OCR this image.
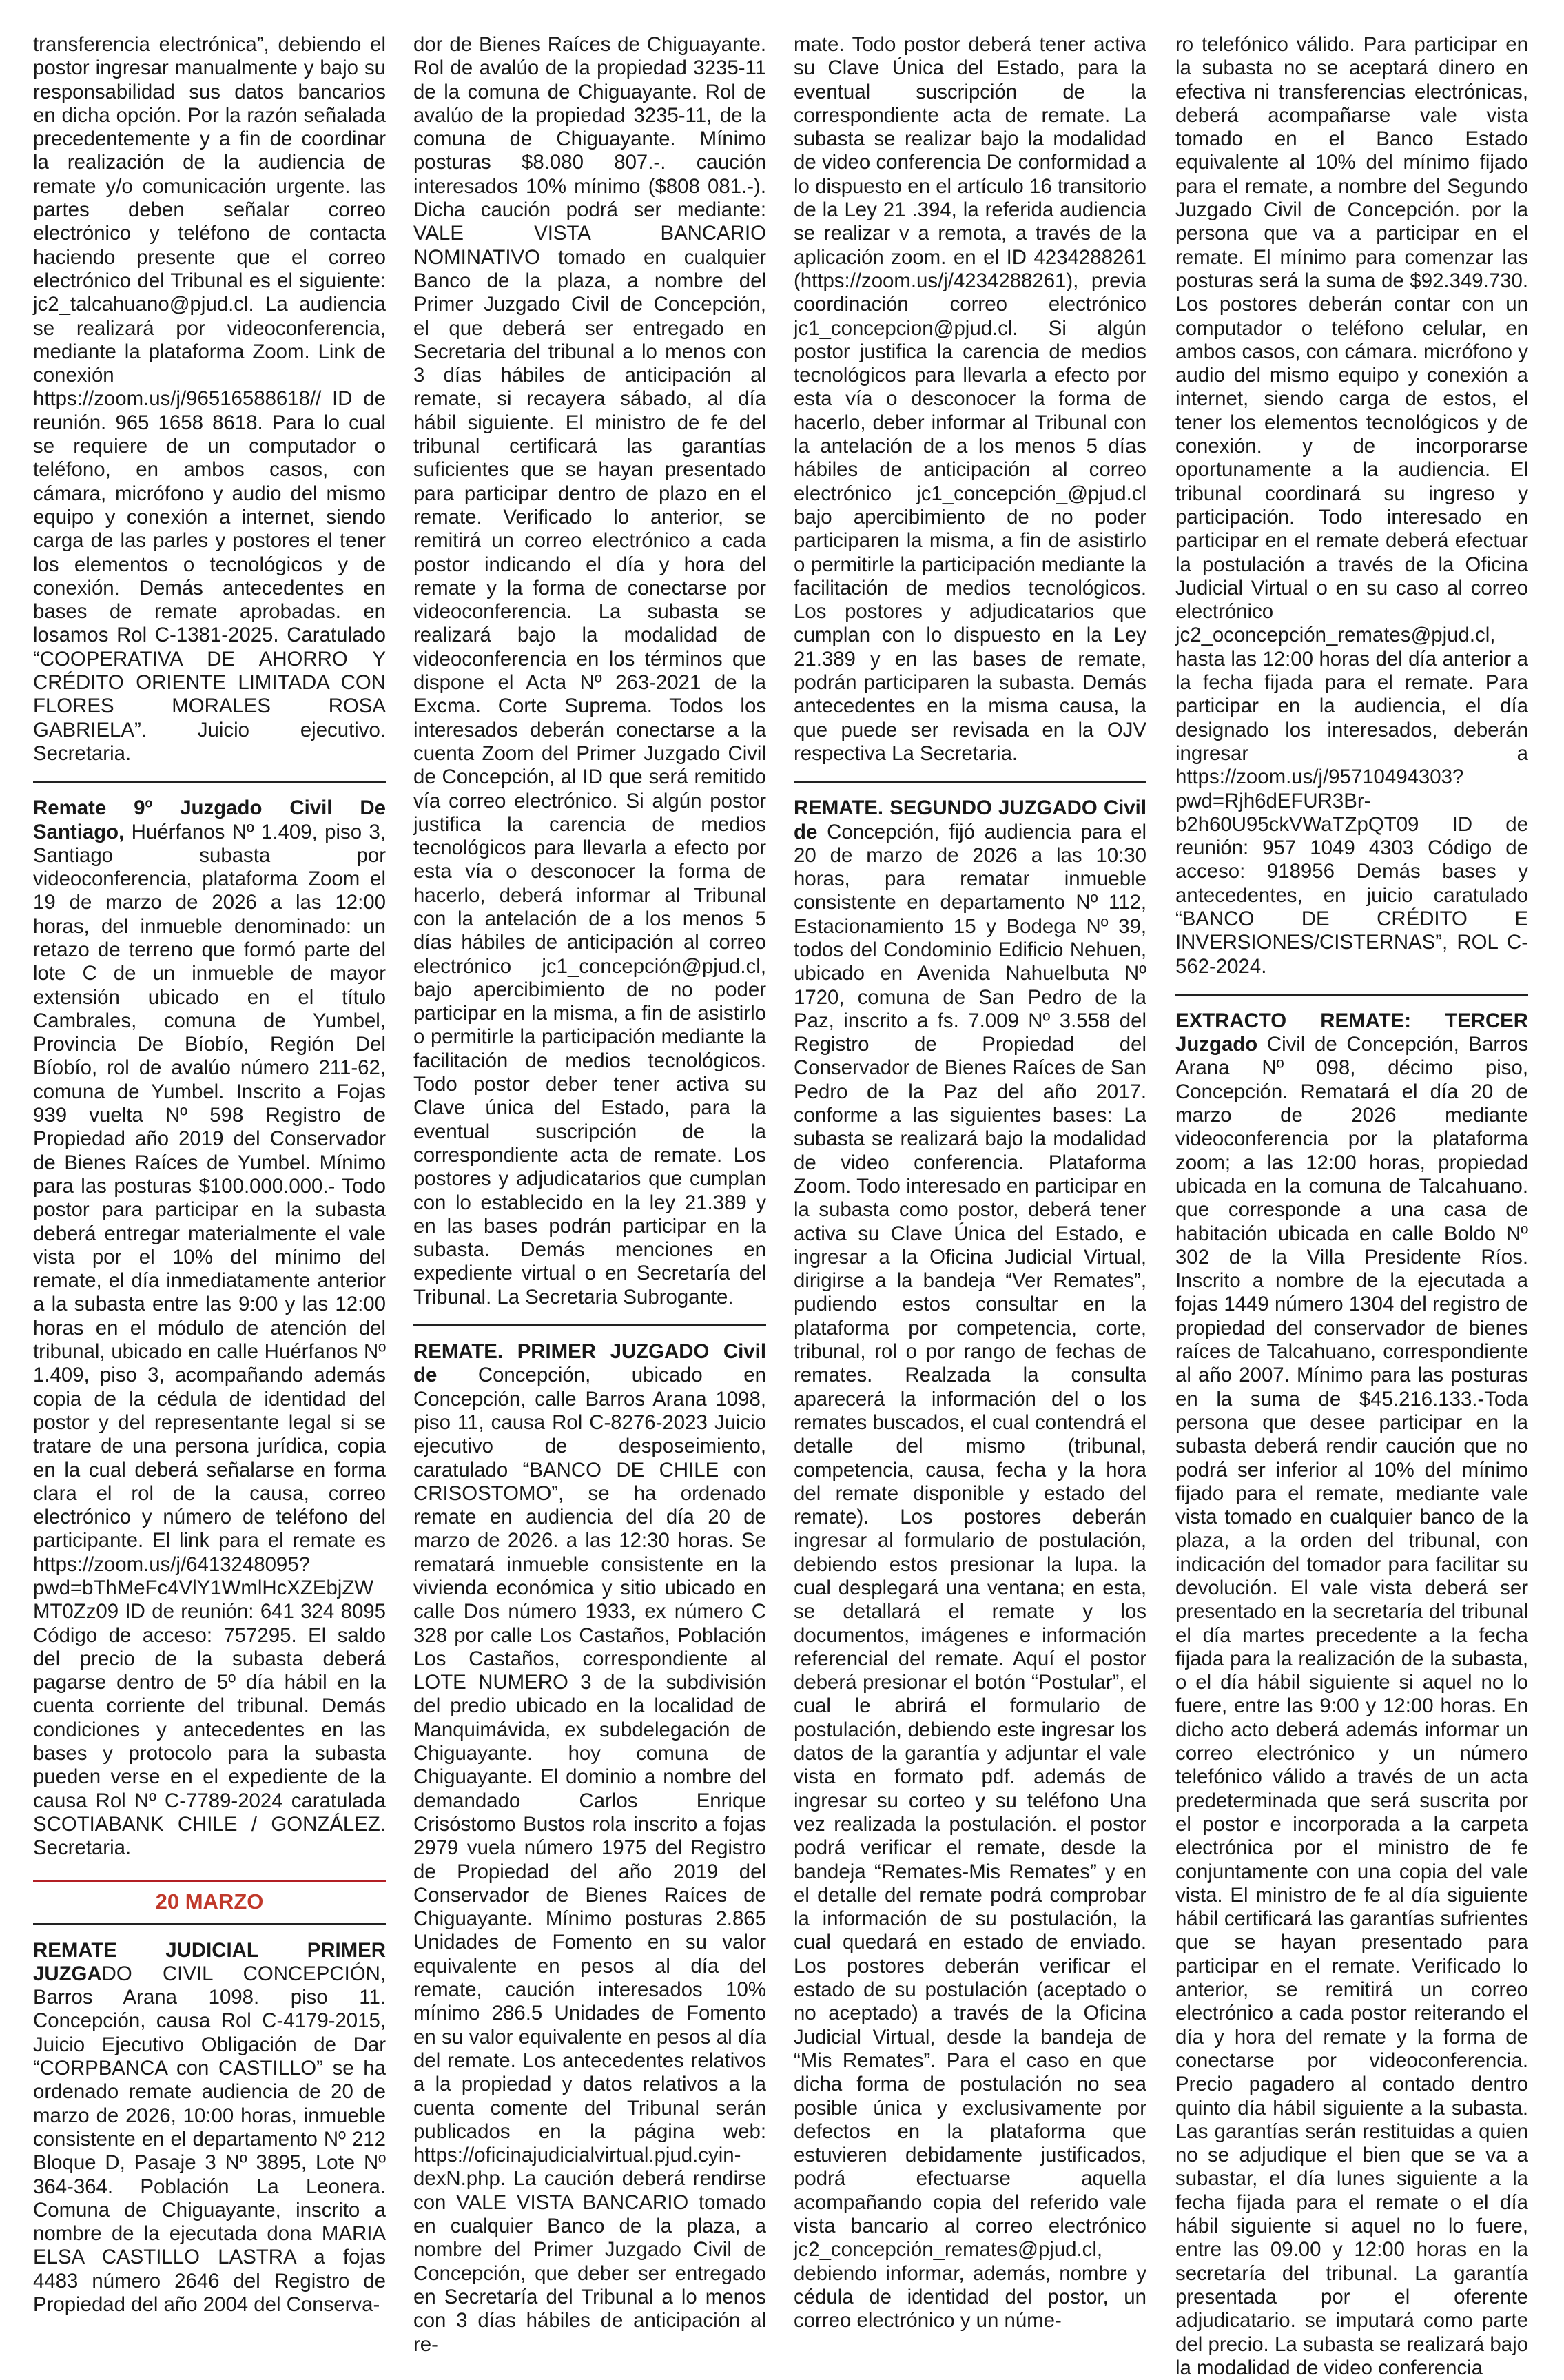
transferencia electrónica”, debiendo el postor ingresar manualmente y bajo su responsabilidad sus datos bancarios en dicha opción. Por la razón señalada precedentemente y a fin de coordinar la realización de la audiencia de remate y/o comunicación urgente. las partes deben señalar correo electrónico y teléfono de contacta haciendo presente que el correo electrónico del Tribunal es el siguiente: jc2_talcahuano@pjud.cl. La audiencia se realizará por videoconferencia, mediante la plataforma Zoom. Link de conexión https://zoom.us/j/96516588618// ID de reunión. 965 1658 8618. Para lo cual se requiere de un computador o teléfono, en ambos casos, con cámara, micrófono y audio del mismo equipo y conexión a internet, siendo carga de las parles y postores el tener los elementos o tecnológicos y de conexión. Demás antecedentes en bases de remate aprobadas. en losamos Rol C-1381-2025. Caratulado “COOPERATIVA DE AHORRO Y CRÉDITO ORIENTE LIMITADA CON FLORES MORALES ROSA GABRIELA”. Juicio ejecutivo. Secretaria.

Remate 9º Juzgado Civil De Santiago, Huérfanos Nº 1.409, piso 3, Santiago subasta por videoconferencia, plataforma Zoom el 19 de marzo de 2026 a las 12:00 horas, del inmueble denominado: un retazo de terreno que formó parte del lote C de un inmueble de mayor extensión ubicado en el título Cambrales, comuna de Yumbel, Provincia De Bíobío, Región Del Bíobío, rol de avalúo número 211-62, comuna de Yumbel. Inscrito a Fojas 939 vuelta Nº 598 Registro de Propiedad año 2019 del Conservador de Bienes Raíces de Yumbel. Mínimo para las posturas $100.000.000.- Todo postor para participar en la subasta deberá entregar materialmente el vale vista por el 10% del mínimo del remate, el día inmediatamente anterior a la subasta entre las 9:00 y las 12:00 horas en el módulo de atención del tribunal, ubicado en calle Huérfanos Nº 1.409, piso 3, acompañando además copia de la cédula de identidad del postor y del representante legal si se tratare de una persona jurídica, copia en la cual deberá señalarse en forma clara el rol de la causa, correo electrónico y número de teléfono del participante. El link para el remate es https://zoom.us/j/6413248095?pwd=bThMeFc4VlY1WmlHcXZEbjZWMT0Zz09 ID de reunión: 641 324 8095 Código de acceso: 757295. El saldo del precio de la subasta deberá pagarse dentro de 5º día hábil en la cuenta corriente del tribunal. Demás condiciones y antecedentes en las bases y protocolo para la subasta pueden verse en el expediente de la causa Rol Nº C-7789-2024 caratulada SCOTIABANK CHILE / GONZÁLEZ. Secretaria.

20 MARZO

REMATE JUDICIAL PRIMER JUZGADO CIVIL CONCEPCIÓN, Barros Arana 1098. piso 11. Concepción, causa Rol C-4179-2015, Juicio Ejecutivo Obligación de Dar “CORPBANCA con CASTILLO” se ha ordenado remate audiencia de 20 de marzo de 2026, 10:00 horas, inmueble consistente en el departamento Nº 212 Bloque D, Pasaje 3 Nº 3895, Lote Nº 364-364. Población La Leonera. Comuna de Chiguayante, inscrito a nombre de la ejecutada dona MARIA ELSA CASTILLO LASTRA a fojas 4483 número 2646 del Registro de Propiedad del año 2004 del Conserva-

dor de Bienes Raíces de Chiguayante. Rol de avalúo de la propiedad 3235-11 de la comuna de Chiguayante. Rol de avalúo de la propiedad 3235-11, de la comuna de Chiguayante. Mínimo posturas $8.080 807.-. caución interesados 10% mínimo ($808 081.-). Dicha caución podrá ser mediante: VALE VISTA BANCARIO NOMINATIVO tomado en cualquier Banco de la plaza, a nombre del Primer Juzgado Civil de Concepción, el que deberá ser entregado en Secretaria del tribunal a lo menos con 3 días hábiles de anticipación al remate, si recayera sábado, al día hábil siguiente. El ministro de fe del tribunal certificará las garantías suficientes que se hayan presentado para participar dentro de plazo en el remate. Verificado lo anterior, se remitirá un correo electrónico a cada postor indicando el día y hora del remate y la forma de conectarse por videoconferencia. La subasta se realizará bajo la modalidad de videoconferencia en los términos que dispone el Acta Nº 263-2021 de la Excma. Corte Suprema. Todos los interesados deberán conectarse a la cuenta Zoom del Primer Juzgado Civil de Concepción, al ID que será remitido vía correo electrónico. Si algún postor justifica la carencia de medios tecnológicos para llevarla a efecto por esta vía o desconocer la forma de hacerlo, deberá informar al Tribunal con la antelación de a los menos 5 días hábiles de anticipación al correo electrónico jc1_concepción@pjud.cl, bajo apercibimiento de no poder participar en la misma, a fin de asistirlo o permitirle la participación mediante la facilitación de medios tecnológicos. Todo postor deber tener activa su Clave única del Estado, para la eventual suscripción de la correspondiente acta de remate. Los postores y adjudicatarios que cumplan con lo establecido en la ley 21.389 y en las bases podrán participar en la subasta. Demás menciones en expediente virtual o en Secretaría del Tribunal. La Secretaria Subrogante.

REMATE. PRIMER JUZGADO Civil de Concepción, ubicado en Concepción, calle Barros Arana 1098, piso 11, causa Rol C-8276-2023 Juicio ejecutivo de desposeimiento, caratulado “BANCO DE CHILE con CRISOSTOMO”, se ha ordenado remate en audiencia del día 20 de marzo de 2026. a las 12:30 horas. Se rematará inmueble consistente en la vivienda económica y sitio ubicado en calle Dos número 1933, ex número C 328 por calle Los Castaños, Población Los Castaños, correspondiente al LOTE NUMERO 3 de la subdivisión del predio ubicado en la localidad de Manquimávida, ex subdelegación de Chiguayante. hoy comuna de Chiguayante. El dominio a nombre del demandado Carlos Enrique Crisóstomo Bustos rola inscrito a fojas 2979 vuela número 1975 del Registro de Propiedad del año 2019 del Conservador de Bienes Raíces de Chiguayante. Mínimo posturas 2.865 Unidades de Fomento en su valor equivalente en pesos al día del remate, caución interesados 10% mínimo 286.5 Unidades de Fomento en su valor equivalente en pesos al día del remate. Los antecedentes relativos a la propiedad y datos relativos a la cuenta comente del Tribunal serán publicados en la página web: https://oficinajudicialvirtual.pjud.cyin-dexN.php. La caución deberá rendirse con VALE VISTA BANCARIO tomado en cualquier Banco de la plaza, a nombre del Primer Juzgado Civil de Concepción, que deber ser entregado en Secretaría del Tribunal a lo menos con 3 días hábiles de anticipación al re-

mate. Todo postor deberá tener activa su Clave Única del Estado, para la eventual suscripción de la correspondiente acta de remate. La subasta se realizar bajo la modalidad de video conferencia De conformidad a lo dispuesto en el artículo 16 transitorio de la Ley 21 .394, la referida audiencia se realizar v a remota, a través de la aplicación zoom. en el ID 4234288261 (https://zoom.us/j/4234288261), previa coordinación correo electrónico jc1_concepcion@pjud.cl. Si algún postor justifica la carencia de medios tecnológicos para llevarla a efecto por esta vía o desconocer la forma de hacerlo, deber informar al Tribunal con la antelación de a los menos 5 días hábiles de anticipación al correo electrónico jc1_concepción_@pjud.cl bajo apercibimiento de no poder participaren la misma, a fin de asistirlo o permitirle la participación mediante la facilitación de medios tecnológicos. Los postores y adjudicatarios que cumplan con lo dispuesto en la Ley 21.389 y en las bases de remate, podrán participaren la subasta. Demás antecedentes en la misma causa, la que puede ser revisada en la OJV respectiva La Secretaria.

REMATE. SEGUNDO JUZGADO Civil de Concepción, fijó audiencia para el 20 de marzo de 2026 a las 10:30 horas, para rematar inmueble consistente en departamento Nº 112, Estacionamiento 15 y Bodega Nº 39, todos del Condominio Edificio Nehuen, ubicado en Avenida Nahuelbuta Nº 1720, comuna de San Pedro de la Paz, inscrito a fs. 7.009 Nº 3.558 del Registro de Propiedad del Conservador de Bienes Raíces de San Pedro de la Paz del año 2017. conforme a las siguientes bases: La subasta se realizará bajo la modalidad de video conferencia. Plataforma Zoom. Todo interesado en participar en la subasta como postor, deberá tener activa su Clave Única del Estado, e ingresar a la Oficina Judicial Virtual, dirigirse a la bandeja “Ver Remates”, pudiendo estos consultar en la plataforma por competencia, corte, tribunal, rol o por rango de fechas de remates. Realzada la consulta aparecerá la información del o los remates buscados, el cual contendrá el detalle del mismo (tribunal, competencia, causa, fecha y la hora del remate disponible y estado del remate). Los postores deberán ingresar al formulario de postulación, debiendo estos presionar la lupa. la cual desplegará una ventana; en esta, se detallará el remate y los documentos, imágenes e información referencial del remate. Aquí el postor deberá presionar el botón “Postular”, el cual le abrirá el formulario de postulación, debiendo este ingresar los datos de la garantía y adjuntar el vale vista en formato pdf. además de ingresar su corteo y su teléfono Una vez realizada la postulación. el postor podrá verificar el remate, desde la bandeja “Remates-Mis Remates” y en el detalle del remate podrá comprobar la información de su postulación, la cual quedará en estado de enviado. Los postores deberán verificar el estado de su postulación (aceptado o no aceptado) a través de la Oficina Judicial Virtual, desde la bandeja de “Mis Remates”. Para el caso en que dicha forma de postulación no sea posible única y exclusivamente por defectos en la plataforma que estuvieren debidamente justificados, podrá efectuarse aquella acompañando copia del referido vale vista bancario al correo electrónico jc2_concepción_remates@pjud.cl, debiendo informar, además, nombre y cédula de identidad del postor, un correo electrónico y un núme-

ro telefónico válido. Para participar en la subasta no se aceptará dinero en efectiva ni transferencias electrónicas, deberá acompañarse vale vista tomado en el Banco Estado equivalente al 10% del mínimo fijado para el remate, a nombre del Segundo Juzgado Civil de Concepción. por la persona que va a participar en el remate. El mínimo para comenzar las posturas será la suma de $92.349.730. Los postores deberán contar con un computador o teléfono celular, en ambos casos, con cámara. micrófono y audio del mismo equipo y conexión a internet, siendo carga de estos, el tener los elementos tecnológicos y de conexión. y de incorporarse oportunamente a la audiencia. El tribunal coordinará su ingreso y participación. Todo interesado en participar en el remate deberá efectuar la postulación a través de la Oficina Judicial Virtual o en su caso al correo electrónico jc2_oconcepción_remates@pjud.cl, hasta las 12:00 horas del día anterior a la fecha fijada para el remate. Para participar en la audiencia, el día designado los interesados, deberán ingresar a https://zoom.us/j/95710494303?pwd=Rjh6dEFUR3Br-b2h60U95ckVWaTZpQT09 ID de reunión: 957 1049 4303 Código de acceso: 918956 Demás bases y antecedentes, en juicio caratulado “BANCO DE CRÉDITO E INVERSIONES/CISTERNAS”, ROL C-562-2024.

EXTRACTO REMATE: TERCER Juzgado Civil de Concepción, Barros Arana Nº 098, décimo piso, Concepción. Rematará el día 20 de marzo de 2026 mediante videoconferencia por la plataforma zoom; a las 12:00 horas, propiedad ubicada en la comuna de Talcahuano. que corresponde a una casa de habitación ubicada en calle Boldo Nº 302 de la Villa Presidente Ríos. Inscrito a nombre de la ejecutada a fojas 1449 número 1304 del registro de propiedad del conservador de bienes raíces de Talcahuano, correspondiente al año 2007. Mínimo para las posturas en la suma de $45.216.133.-Toda persona que desee participar en la subasta deberá rendir caución que no podrá ser inferior al 10% del mínimo fijado para el remate, mediante vale vista tomado en cualquier banco de la plaza, a la orden del tribunal, con indicación del tomador para facilitar su devolución. El vale vista deberá ser presentado en la secretaría del tribunal el día martes precedente a la fecha fijada para la realización de la subasta, o el día hábil siguiente si aquel no lo fuere, entre las 9:00 y 12:00 horas. En dicho acto deberá además informar un correo electrónico y un número telefónico válido a través de un acta predeterminada que será suscrita por el postor e incorporada a la carpeta electrónica por el ministro de fe conjuntamente con una copia del vale vista. El ministro de fe al día siguiente hábil certificará las garantías sufrientes que se hayan presentado para participar en el remate. Verificado lo anterior, se remitirá un correo electrónico a cada postor reiterando el día y hora del remate y la forma de conectarse por videoconferencia. Precio pagadero al contado dentro quinto día hábil siguiente a la subasta. Las garantías serán restituidas a quien no se adjudique el bien que se va a subastar, el día lunes siguiente a la fecha fijada para el remate o el día hábil siguiente si aquel no lo fuere, entre las 09.00 y 12:00 horas en la secretaría del tribunal. La garantía presentada por el oferente adjudicatario. se imputará como parte del precio. La subasta se realizará bajo la modalidad de video conferencia
